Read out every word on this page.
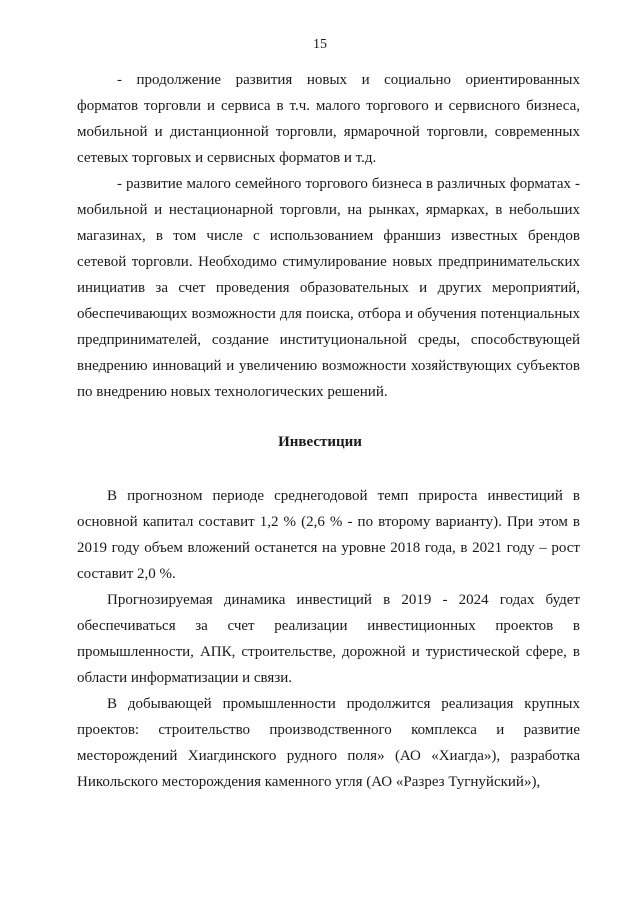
15

- продолжение развития новых и социально ориентированных форматов торговли и сервиса в т.ч. малого торгового и сервисного бизнеса, мобильной и дистанционной торговли, ярмарочной торговли, современных сетевых торговых и сервисных форматов и т.д.

- развитие малого семейного торгового бизнеса в различных форматах - мобильной и нестационарной торговли, на рынках, ярмарках, в небольших магазинах, в том числе с использованием франшиз известных брендов сетевой торговли. Необходимо стимулирование новых предпринимательских инициатив за счет проведения образовательных и других мероприятий, обеспечивающих возможности для поиска, отбора и обучения потенциальных предпринимателей, создание институциональной среды, способствующей внедрению инноваций и увеличению возможности хозяйствующих субъектов по внедрению новых технологических решений.

Инвестиции

В прогнозном периоде среднегодовой темп прироста инвестиций в основной капитал составит 1,2 % (2,6 % - по второму варианту). При этом в 2019 году объем вложений останется на уровне 2018 года, в 2021 году – рост составит 2,0 %.

Прогнозируемая динамика инвестиций в 2019 - 2024 годах будет обеспечиваться за счет реализации инвестиционных проектов в промышленности, АПК, строительстве, дорожной и туристической сфере, в области информатизации и связи.

В добывающей промышленности продолжится реализация крупных проектов: строительство производственного комплекса и развитие месторождений Хиагдинского рудного поля» (АО «Хиагда»), разработка Никольского месторождения каменного угля (АО «Разрез Тугнуйский»),
